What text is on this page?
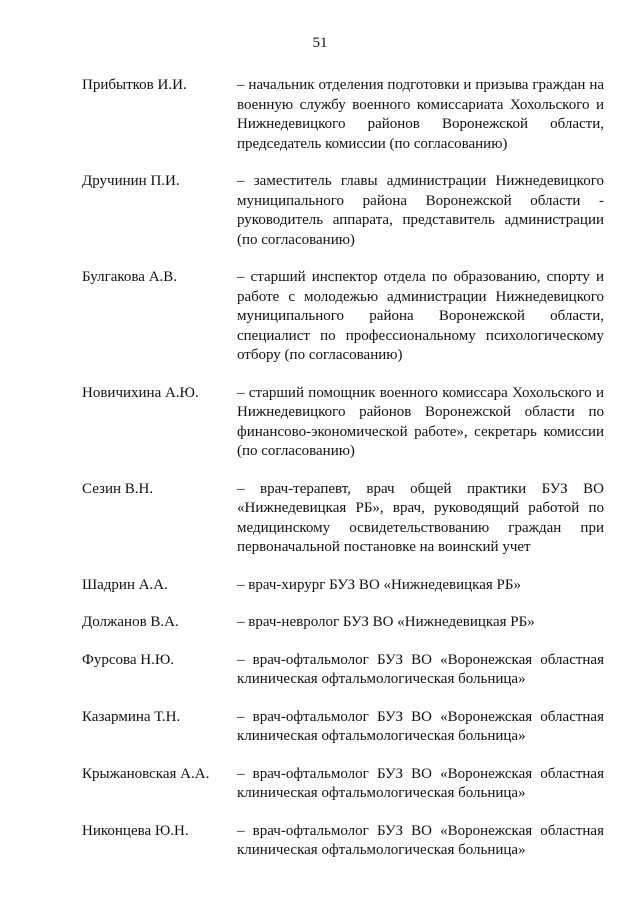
51
Прибытков И.И.	– начальник отделения подготовки и призыва граждан на военную службу военного комиссариата Хохольского и Нижнедевицкого районов Воронежской области, председатель комиссии (по согласованию)
Дручинин П.И.	– заместитель главы администрации Нижнедевицкого муниципального района Воронежской области - руководитель аппарата, представитель администрации (по согласованию)
Булгакова А.В.	– старший инспектор отдела по образованию, спорту и работе с молодежью администрации Нижнедевицкого муниципального района Воронежской области, специалист по профессиональному психологическому отбору (по согласованию)
Новичихина А.Ю.	– старший помощник военного комиссара Хохольского и Нижнедевицкого районов Воронежской области по финансово-экономической работе», секретарь комиссии (по согласованию)
Сезин В.Н.	– врач-терапевт, врач общей практики БУЗ ВО «Нижнедевицкая РБ», врач, руководящий работой по медицинскому освидетельствованию граждан при первоначальной постановке на воинский учет
Шадрин А.А.	– врач-хирург БУЗ ВО «Нижнедевицкая РБ»
Должанов В.А.	– врач-невролог БУЗ ВО «Нижнедевицкая РБ»
Фурсова Н.Ю.	– врач-офтальмолог БУЗ ВО «Воронежская областная клиническая офтальмологическая больница»
Казармина Т.Н.	– врач-офтальмолог БУЗ ВО «Воронежская областная клиническая офтальмологическая больница»
Крыжановская А.А.	– врач-офтальмолог БУЗ ВО «Воронежская областная клиническая офтальмологическая больница»
Никонцева Ю.Н.	– врач-офтальмолог БУЗ ВО «Воронежская областная клиническая офтальмологическая больница»
